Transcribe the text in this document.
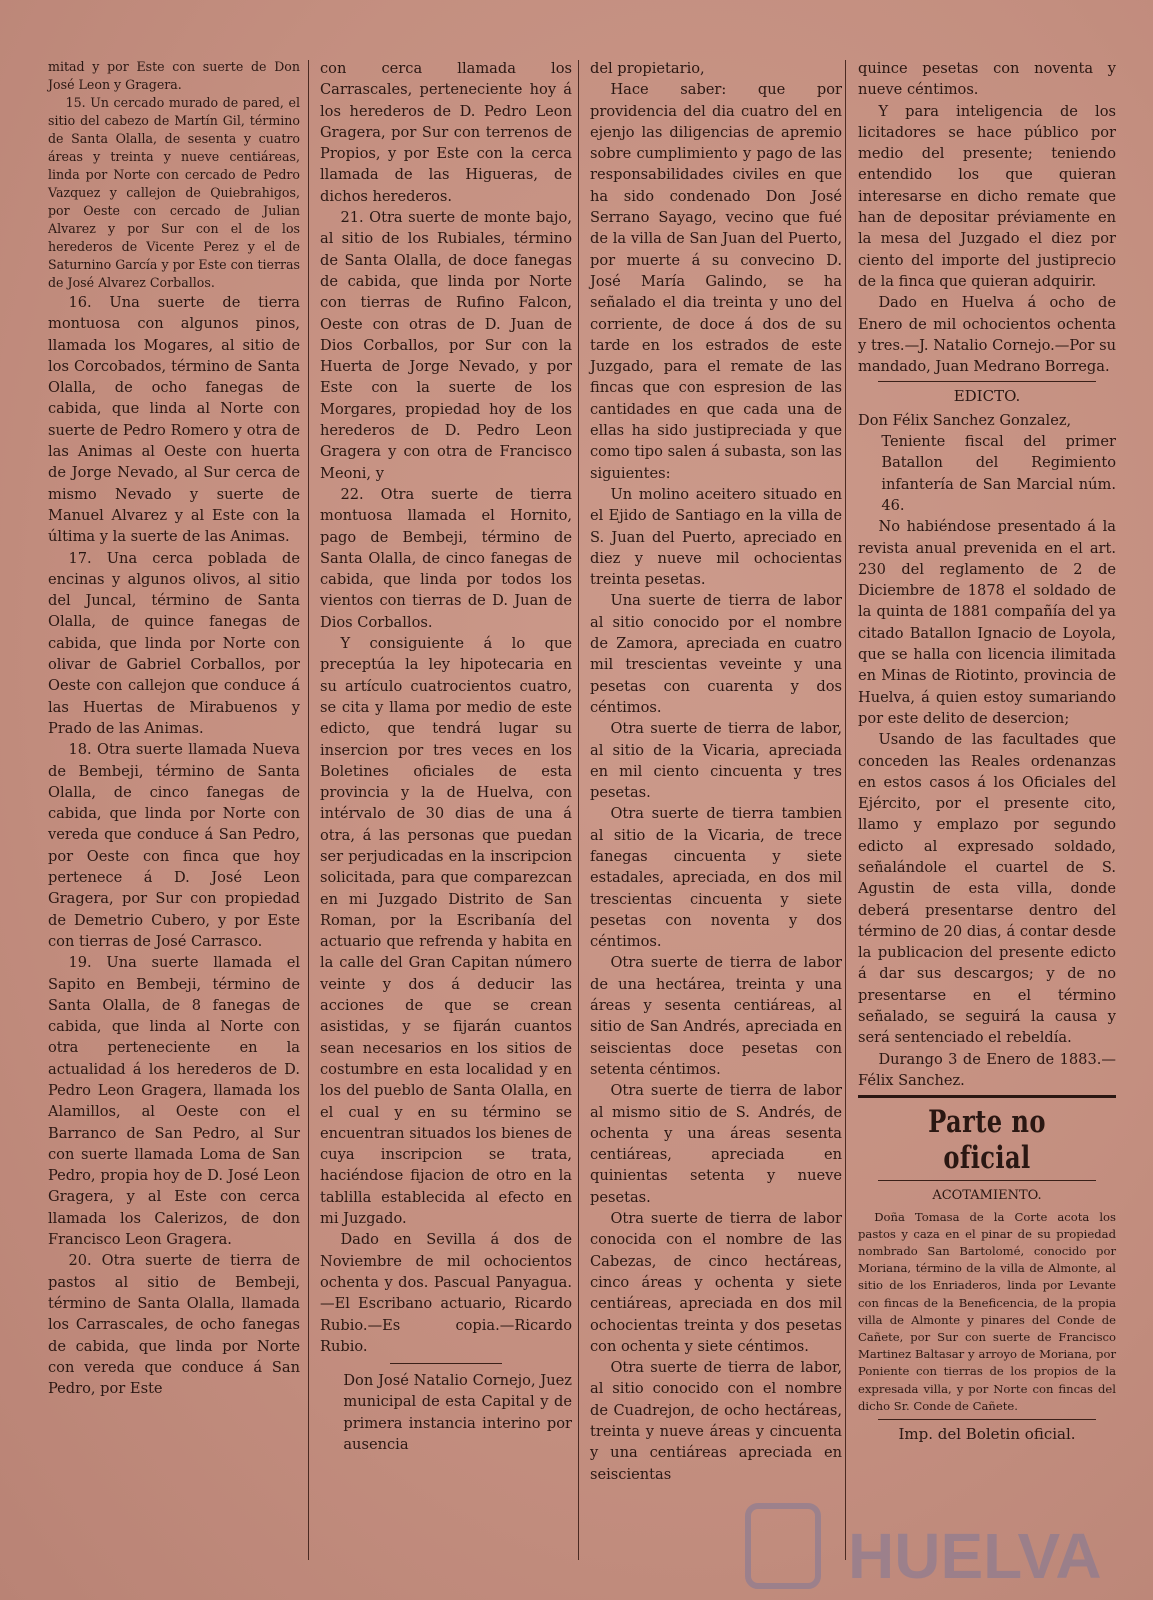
mitad y por Este con suerte de Don José Leon y Gragera.

15. Un cercado murado de pared, el sitio del cabezo de Martín Gil, término de Santa Olalla, de sesenta y cuatro áreas y treinta y nueve centiáreas, linda por Norte con cercado de Pedro Vazquez y callejon de Quiebrahigos, por Oeste con cercado de Julian Alvarez y por Sur con el de los herederos de Vicente Perez y el de Saturnino García y por Este con tierras de José Alvarez Corballos.

16. Una suerte de tierra montuosa con algunos pinos, llamada los Mogares, al sitio de los Corcobados, término de Santa Olalla, de ocho fanegas de cabida, que linda al Norte con suerte de Pedro Romero y otra de las Animas al Oeste con huerta de Jorge Nevado, al Sur cerca de mismo Nevado y suerte de Manuel Alvarez y al Este con la última y la suerte de las Animas.

17. Una cerca poblada de encinas y algunos olivos, al sitio del Juncal, término de Santa Olalla, de quince fanegas de cabida, que linda por Norte con olivar de Gabriel Corballos, por Oeste con callejon que conduce á las Huertas de Mirabuenos y Prado de las Animas.

18. Otra suerte llamada Nueva de Bembeji, término de Santa Olalla, de cinco fanegas de cabida, que linda por Norte con vereda que conduce á San Pedro, por Oeste con finca que hoy pertenece á D. José Leon Gragera, por Sur con propiedad de Demetrio Cubero, y por Este con tierras de José Carrasco.

19. Una suerte llamada el Sapito en Bembeji, término de Santa Olalla, de 8 fanegas de cabida, que linda al Norte con otra perteneciente en la actualidad á los herederos de D. Pedro Leon Gragera, llamada los Alamillos, al Oeste con el Barranco de San Pedro, al Sur con suerte llamada Loma de San Pedro, propia hoy de D. José Leon Gragera, y al Este con cerca llamada los Calerizos, de don Francisco Leon Gragera.

20. Otra suerte de tierra de pastos al sitio de Bembeji, término de Santa Olalla, llamada los Carrascales, de ocho fanegas de cabida, que linda por Norte con vereda que conduce á San Pedro, por Este

con cerca llamada los Carrascales, perteneciente hoy á los herederos de D. Pedro Leon Gragera, por Sur con terrenos de Propios, y por Este con la cerca llamada de las Higueras, de dichos herederos.

21. Otra suerte de monte bajo, al sitio de los Rubiales, término de Santa Olalla, de doce fanegas de cabida, que linda por Norte con tierras de Rufino Falcon, Oeste con otras de D. Juan de Dios Corballos, por Sur con la Huerta de Jorge Nevado, y por Este con la suerte de los Morgares, propiedad hoy de los herederos de D. Pedro Leon Gragera y con otra de Francisco Meoni, y

22. Otra suerte de tierra montuosa llamada el Hornito, pago de Bembeji, término de Santa Olalla, de cinco fanegas de cabida, que linda por todos los vientos con tierras de D. Juan de Dios Corballos.

Y consiguiente á lo que preceptúa la ley hipotecaria en su artículo cuatrocientos cuatro, se cita y llama por medio de este edicto, que tendrá lugar su insercion por tres veces en los Boletines oficiales de esta provincia y la de Huelva, con intérvalo de 30 dias de una á otra, á las personas que puedan ser perjudicadas en la inscripcion solicitada, para que comparezcan en mi Juzgado Distrito de San Roman, por la Escribanía del actuario que refrenda y habita en la calle del Gran Capitan número veinte y dos á deducir las acciones de que se crean asistidas, y se fijarán cuantos sean necesarios en los sitios de costumbre en esta localidad y en los del pueblo de Santa Olalla, en el cual y en su término se encuentran situados los bienes de cuya inscripcion se trata, haciéndose fijacion de otro en la tablilla establecida al efecto en mi Juzgado.

Dado en Sevilla á dos de Noviembre de mil ochocientos ochenta y dos. Pascual Panyagua.—El Escribano actuario, Ricardo Rubio.—Es copia.—Ricardo Rubio.

Don José Natalio Cornejo, Juez municipal de esta Capital y de primera instancia interino por ausencia

del propietario,

Hace saber: que por providencia del dia cuatro del en ejenjo las diligencias de apremio sobre cumplimiento y pago de las responsabilidades civiles en que ha sido condenado Don José Serrano Sayago, vecino que fué de la villa de San Juan del Puerto, por muerte á su convecino D. José María Galindo, se ha señalado el dia treinta y uno del corriente, de doce á dos de su tarde en los estrados de este Juzgado, para el remate de las fincas que con espresion de las cantidades en que cada una de ellas ha sido justipreciada y que como tipo salen á subasta, son las siguientes:

Un molino aceitero situado en el Ejido de Santiago en la villa de S. Juan del Puerto, apreciado en diez y nueve mil ochocientas treinta pesetas.

Una suerte de tierra de labor al sitio conocido por el nombre de Zamora, apreciada en cuatro mil trescientas veveinte y una pesetas con cuarenta y dos céntimos.

Otra suerte de tierra de labor, al sitio de la Vicaria, apreciada en mil ciento cincuenta y tres pesetas.

Otra suerte de tierra tambien al sitio de la Vicaria, de trece fanegas cincuenta y siete estadales, apreciada, en dos mil trescientas cincuenta y siete pesetas con noventa y dos céntimos.

Otra suerte de tierra de labor de una hectárea, treinta y una áreas y sesenta centiáreas, al sitio de San Andrés, apreciada en seiscientas doce pesetas con setenta céntimos.

Otra suerte de tierra de labor al mismo sitio de S. Andrés, de ochenta y una áreas sesenta centiáreas, apreciada en quinientas setenta y nueve pesetas.

Otra suerte de tierra de labor conocida con el nombre de las Cabezas, de cinco hectáreas, cinco áreas y ochenta y siete centiáreas, apreciada en dos mil ochocientas treinta y dos pesetas con ochenta y siete céntimos.

Otra suerte de tierra de labor, al sitio conocido con el nombre de Cuadrejon, de ocho hectáreas, treinta y nueve áreas y cincuenta y una centiáreas apreciada en seiscientas

quince pesetas con noventa y nueve céntimos.

Y para inteligencia de los licitadores se hace público por medio del presente; teniendo entendido los que quieran interesarse en dicho remate que han de depositar préviamente en la mesa del Juzgado el diez por ciento del importe del justiprecio de la finca que quieran adquirir.

Dado en Huelva á ocho de Enero de mil ochocientos ochenta y tres.—J. Natalio Cornejo.—Por su mandado, Juan Medrano Borrega.

EDICTO.

Don Félix Sanchez Gonzalez,

Teniente fiscal del primer Batallon del Regimiento infantería de San Marcial núm. 46.

No habiéndose presentado á la revista anual prevenida en el art. 230 del reglamento de 2 de Diciembre de 1878 el soldado de la quinta de 1881 compañía del ya citado Batallon Ignacio de Loyola, que se halla con licencia ilimitada en Minas de Riotinto, provincia de Huelva, á quien estoy sumariando por este delito de desercion;

Usando de las facultades que conceden las Reales ordenanzas en estos casos á los Oficiales del Ejército, por el presente cito, llamo y emplazo por segundo edicto al expresado soldado, señalándole el cuartel de S. Agustin de esta villa, donde deberá presentarse dentro del término de 20 dias, á contar desde la publicacion del presente edicto á dar sus descargos; y de no presentarse en el término señalado, se seguirá la causa y será sentenciado el rebeldía.

Durango 3 de Enero de 1883.—Félix Sanchez.

Parte no oficial

ACOTAMIENTO.

Doña Tomasa de la Corte acota los pastos y caza en el pinar de su propiedad nombrado San Bartolomé, conocido por Moriana, término de la villa de Almonte, al sitio de los Enriaderos, linda por Levante con fincas de la Beneficencia, de la propia villa de Almonte y pinares del Conde de Cañete, por Sur con suerte de Francisco Martinez Baltasar y arroyo de Moriana, por Poniente con tierras de los propios de la expresada villa, y por Norte con fincas del dicho Sr. Conde de Cañete.

Imp. del Boletin oficial.

HUELVA
